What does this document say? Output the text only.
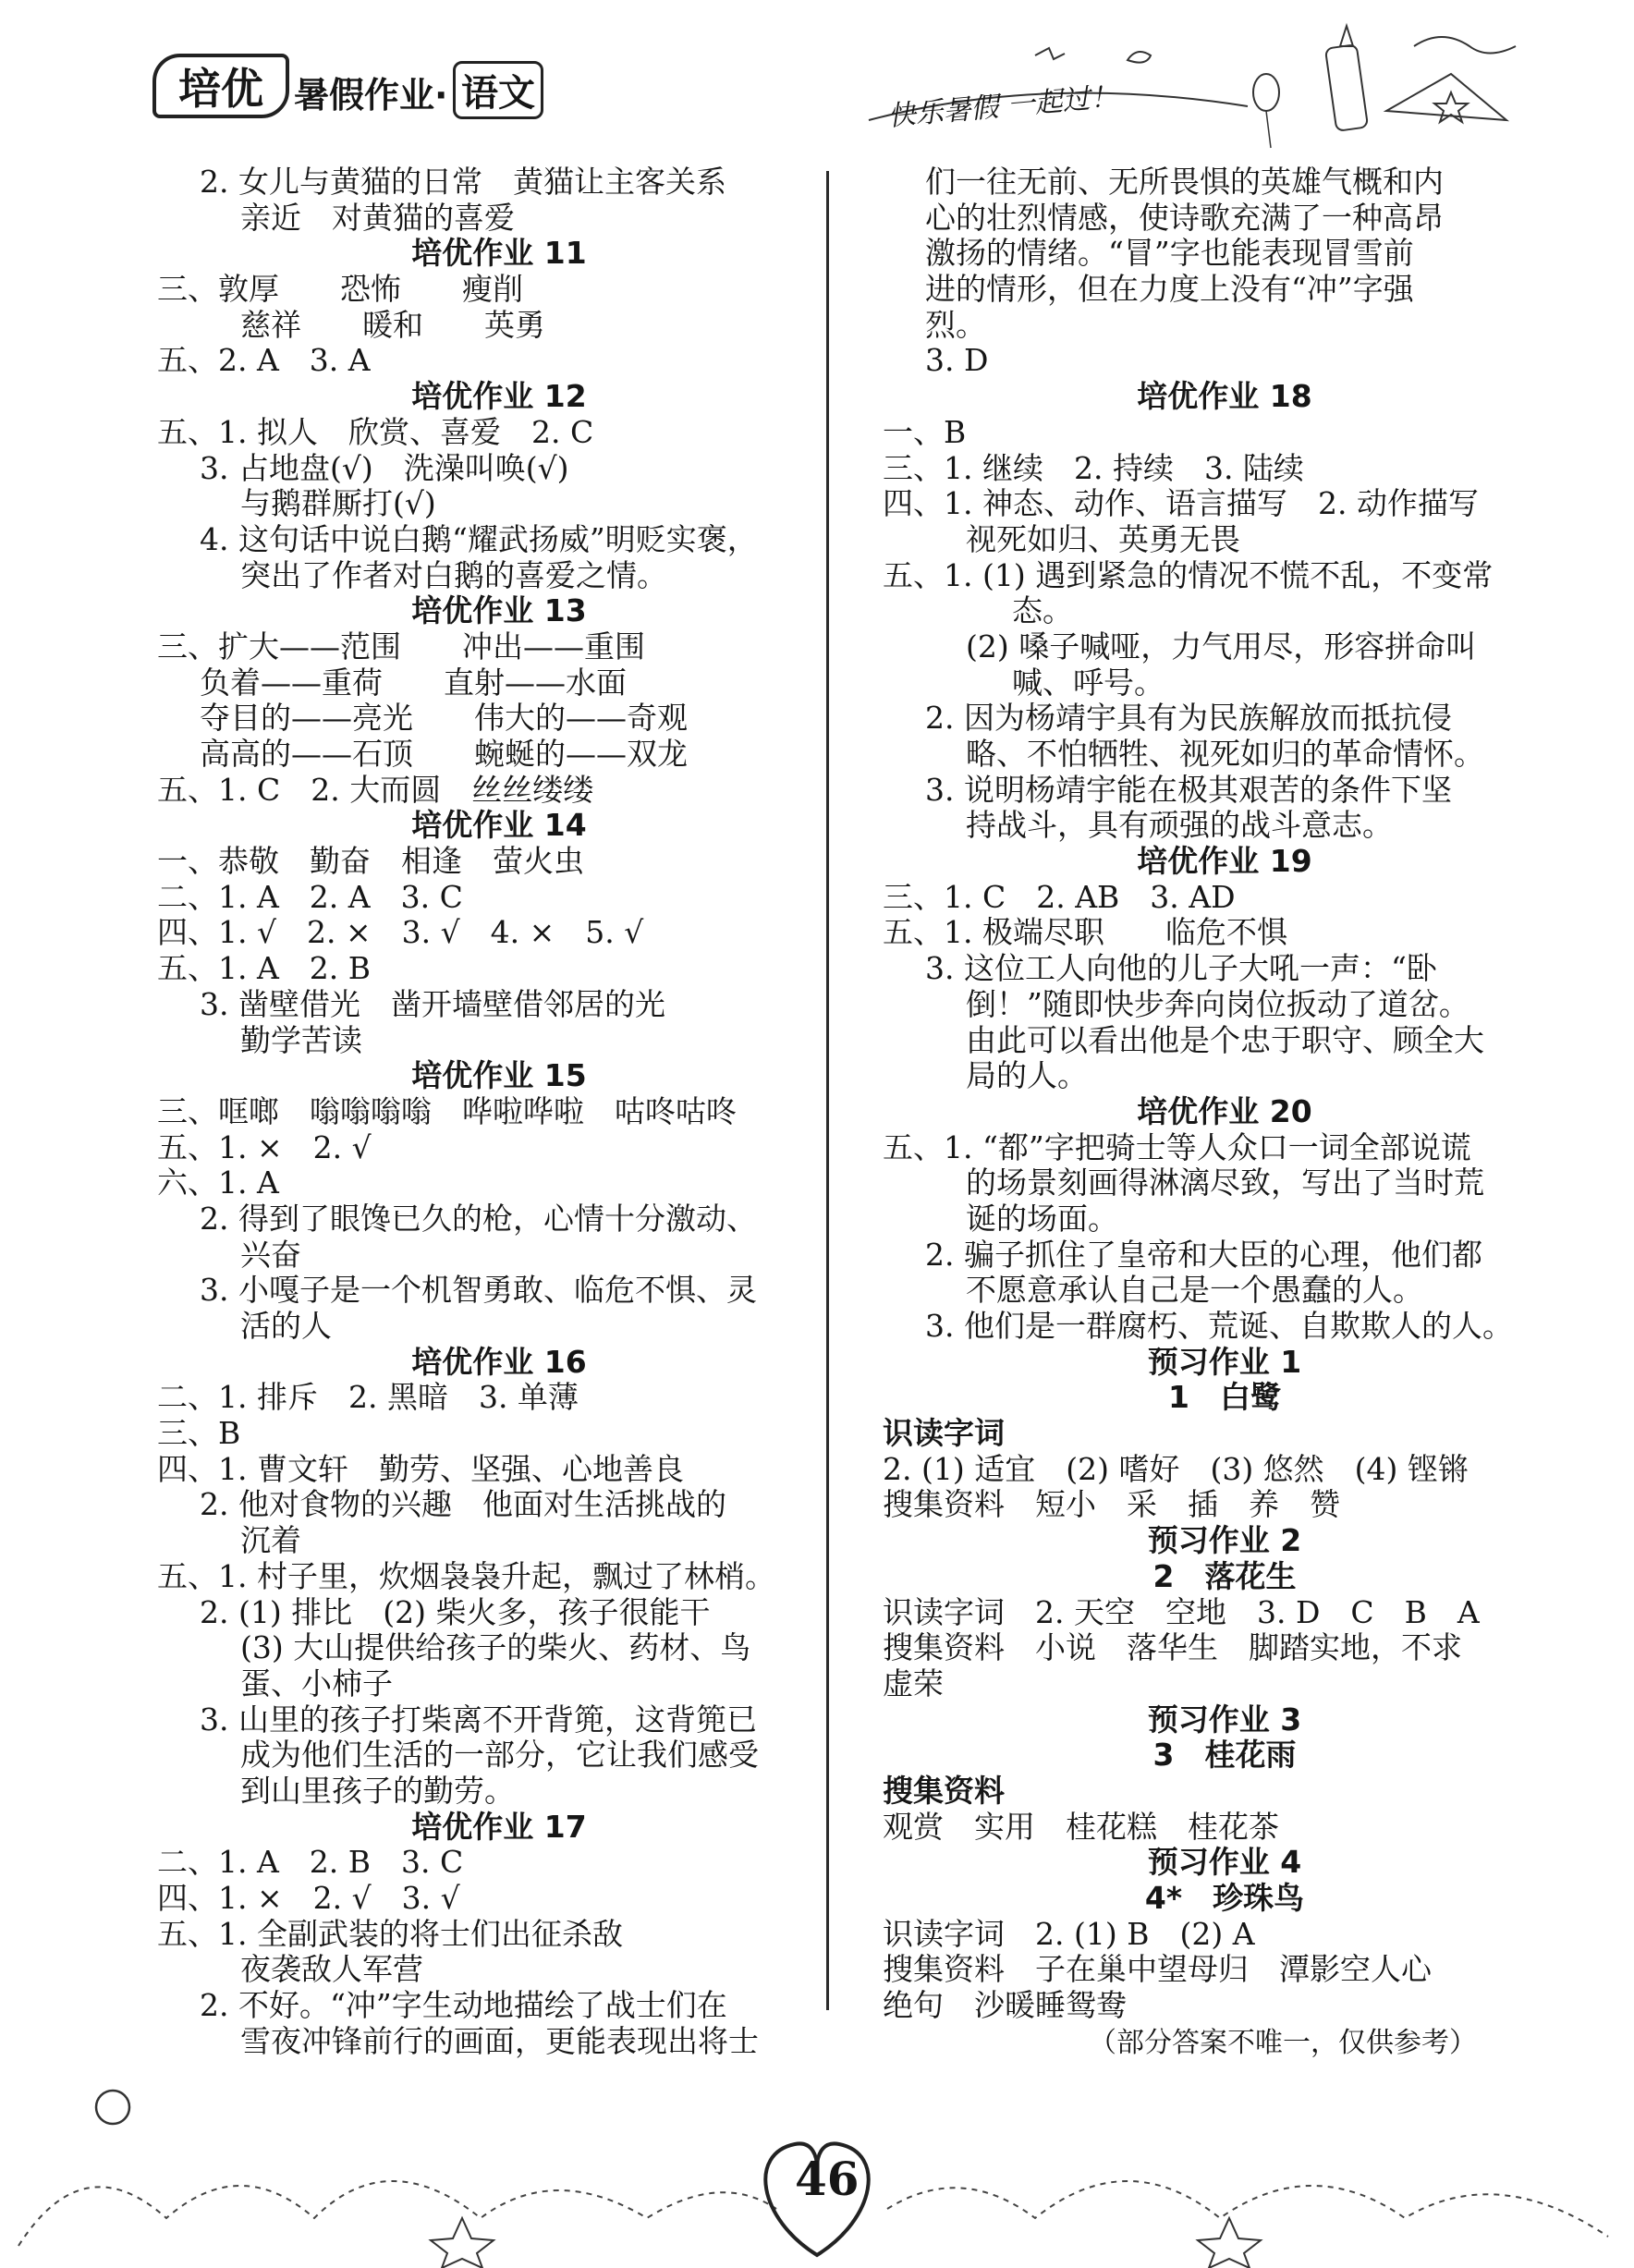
培优 暑假作业· 语文	快乐暑假 一起过！
2. 女儿与黄猫的日常　黄猫让主客关系
亲近　对黄猫的喜爱
培优作业 11
三、敦厚　　恐怖　　瘦削
慈祥　　暖和　　英勇
五、2. A　3. A
培优作业 12
五、1. 拟人　欣赏、喜爱　2. C
3. 占地盘(√)　洗澡叫唤(√)
与鹅群厮打(√)
4. 这句话中说白鹅“耀武扬威”明贬实褒，
突出了作者对白鹅的喜爱之情。
培优作业 13
三、扩大——范围　　冲出——重围
负着——重荷　　直射——水面
夺目的——亮光　　伟大的——奇观
高高的——石顶　　蜿蜒的——双龙
五、1. C　2. 大而圆　丝丝缕缕
培优作业 14
一、恭敬　勤奋　相逢　萤火虫
二、1. A　2. A　3. C
四、1. √　2. ×　3. √　4. ×　5. √
五、1. A　2. B
3. 凿壁借光　凿开墙壁借邻居的光
勤学苦读
培优作业 15
三、哐啷　嗡嗡嗡嗡　哗啦哗啦　咕咚咕咚
五、1. ×　2. √
六、1. A
2. 得到了眼馋已久的枪，心情十分激动、
兴奋
3. 小嘎子是一个机智勇敢、临危不惧、灵
活的人
培优作业 16
二、1. 排斥　2. 黑暗　3. 单薄
三、B
四、1. 曹文轩　勤劳、坚强、心地善良
2. 他对食物的兴趣　他面对生活挑战的
沉着
五、1. 村子里，炊烟袅袅升起，飘过了林梢。
2. (1) 排比　(2) 柴火多，孩子很能干
(3) 大山提供给孩子的柴火、药材、鸟
蛋、小柿子
3. 山里的孩子打柴离不开背篼，这背篼已
成为他们生活的一部分，它让我们感受
到山里孩子的勤劳。
培优作业 17
二、1. A　2. B　3. C
四、1. ×　2. √　3. √
五、1. 全副武装的将士们出征杀敌
夜袭敌人军营
2. 不好。“冲”字生动地描绘了战士们在
雪夜冲锋前行的画面，更能表现出将士
们一往无前、无所畏惧的英雄气概和内
心的壮烈情感，使诗歌充满了一种高昂
激扬的情绪。“冒”字也能表现冒雪前
进的情形，但在力度上没有“冲”字强
烈。
3. D
培优作业 18
一、B
三、1. 继续　2. 持续　3. 陆续
四、1. 神态、动作、语言描写　2. 动作描写
视死如归、英勇无畏
五、1. (1) 遇到紧急的情况不慌不乱，不变常
态。
(2) 嗓子喊哑，力气用尽，形容拼命叫
喊、呼号。
2. 因为杨靖宇具有为民族解放而抵抗侵
略、不怕牺牲、视死如归的革命情怀。
3. 说明杨靖宇能在极其艰苦的条件下坚
持战斗，具有顽强的战斗意志。
培优作业 19
三、1. C　2. AB　3. AD
五、1. 极端尽职　　临危不惧
3. 这位工人向他的儿子大吼一声：“卧
倒！”随即快步奔向岗位扳动了道岔。
由此可以看出他是个忠于职守、顾全大
局的人。
培优作业 20
五、1. “都”字把骑士等人众口一词全部说谎
的场景刻画得淋漓尽致，写出了当时荒
诞的场面。
2. 骗子抓住了皇帝和大臣的心理，他们都
不愿意承认自己是一个愚蠢的人。
3. 他们是一群腐朽、荒诞、自欺欺人的人。
预习作业 1
1　白鹭
识读字词
2. (1) 适宜　(2) 嗜好　(3) 悠然　(4) 铿锵
搜集资料　短小　采　插　养　赞
预习作业 2
2　落花生
识读字词　2. 天空　空地　3. D　C　B　A
搜集资料　小说　落华生　脚踏实地，不求
虚荣
预习作业 3
3　桂花雨
搜集资料
观赏　实用　桂花糕　桂花茶
预习作业 4
4*　珍珠鸟
识读字词　2. (1) B　(2) A
搜集资料　子在巢中望母归　潭影空人心
绝句　沙暖睡鸳鸯
（部分答案不唯一，仅供参考）
46
